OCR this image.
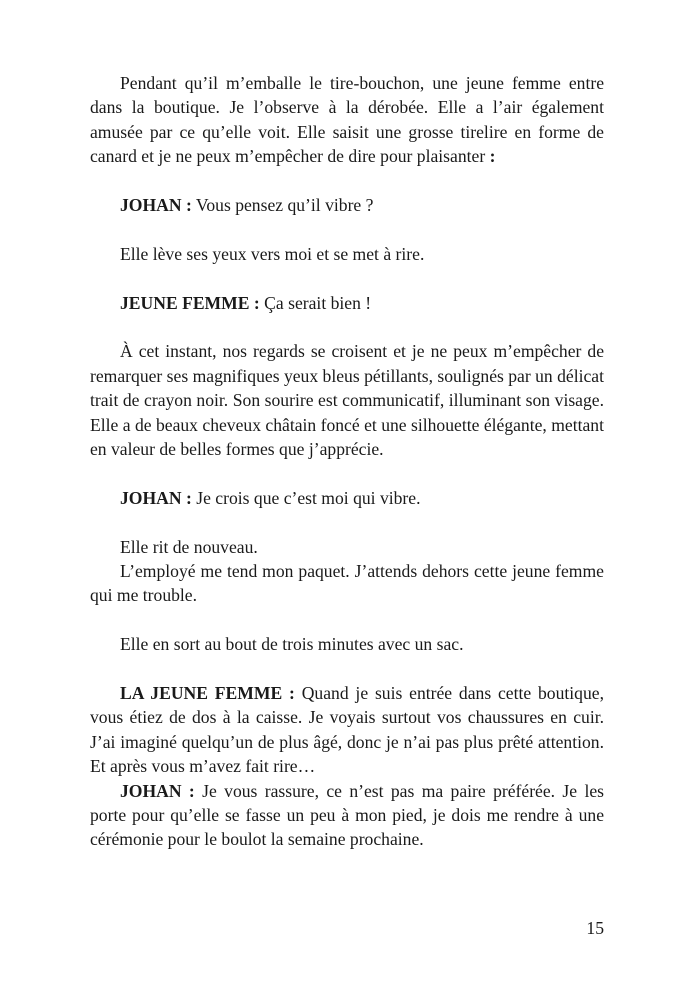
Pendant qu’il m’emballe le tire-bouchon, une jeune femme entre dans la boutique. Je l’observe à la dérobée. Elle a l’air également amusée par ce qu’elle voit. Elle saisit une grosse tirelire en forme de canard et je ne peux m’empêcher de dire pour plaisanter :

JOHAN : Vous pensez qu’il vibre ?

Elle lève ses yeux vers moi et se met à rire.

JEUNE FEMME : Ça serait bien !

À cet instant, nos regards se croisent et je ne peux m’empêcher de remarquer ses magnifiques yeux bleus pétillants, soulignés par un délicat trait de crayon noir. Son sourire est communicatif, illuminant son visage. Elle a de beaux cheveux châtain foncé et une silhouette élégante, mettant en valeur de belles formes que j’apprécie.

JOHAN : Je crois que c’est moi qui vibre.

Elle rit de nouveau.

L’employé me tend mon paquet. J’attends dehors cette jeune femme qui me trouble.

Elle en sort au bout de trois minutes avec un sac.

LA JEUNE FEMME : Quand je suis entrée dans cette boutique, vous étiez de dos à la caisse. Je voyais surtout vos chaussures en cuir. J’ai imaginé quelqu’un de plus âgé, donc je n’ai pas plus prêté attention. Et après vous m’avez fait rire…

JOHAN : Je vous rassure, ce n’est pas ma paire préférée. Je les porte pour qu’elle se fasse un peu à mon pied, je dois me rendre à une cérémonie pour le boulot la semaine prochaine.

15
